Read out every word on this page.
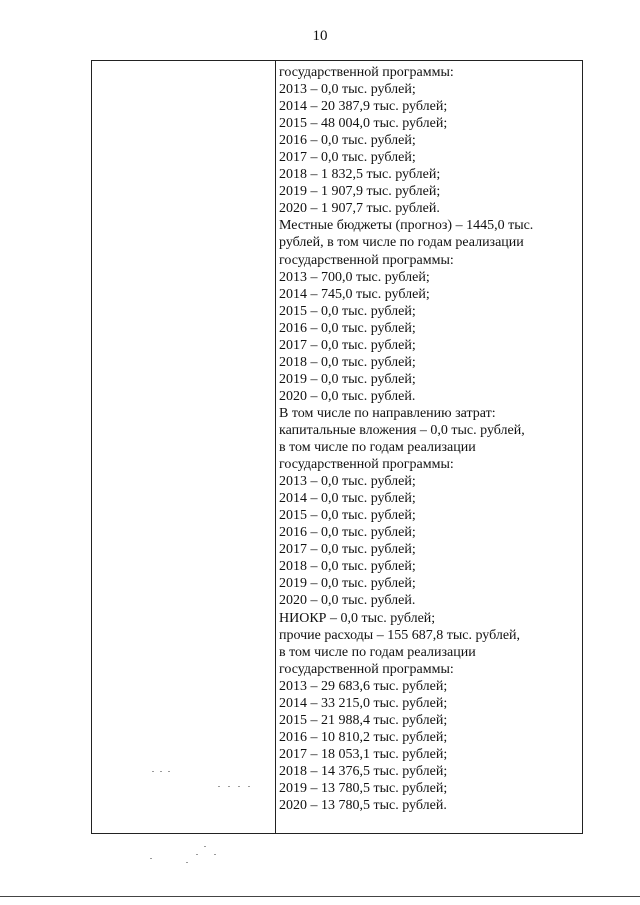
10
государственной программы:
2013 – 0,0 тыс. рублей;
2014 – 20 387,9 тыс. рублей;
2015 – 48 004,0 тыс. рублей;
2016 – 0,0 тыс. рублей;
2017 – 0,0 тыс. рублей;
2018 – 1 832,5 тыс. рублей;
2019 – 1 907,9 тыс. рублей;
2020 – 1 907,7 тыс. рублей.
Местные бюджеты (прогноз) – 1445,0 тыс.
рублей, в том числе по годам реализации
государственной программы:
2013 – 700,0 тыс. рублей;
2014 – 745,0 тыс. рублей;
2015 – 0,0 тыс. рублей;
2016 – 0,0 тыс. рублей;
2017 – 0,0 тыс. рублей;
2018 – 0,0 тыс. рублей;
2019 – 0,0 тыс. рублей;
2020 – 0,0 тыс. рублей.
В том числе по направлению затрат:
капитальные вложения – 0,0 тыс. рублей,
в том числе по годам реализации
государственной программы:
2013 – 0,0 тыс. рублей;
2014 – 0,0 тыс. рублей;
2015 – 0,0 тыс. рублей;
2016 – 0,0 тыс. рублей;
2017 – 0,0 тыс. рублей;
2018 – 0,0 тыс. рублей;
2019 – 0,0 тыс. рублей;
2020 – 0,0 тыс. рублей.
НИОКР – 0,0 тыс. рублей;
прочие расходы – 155 687,8 тыс. рублей,
в том числе по годам реализации
государственной программы:
2013 – 29 683,6 тыс. рублей;
2014 – 33 215,0 тыс. рублей;
2015 – 21 988,4 тыс. рублей;
2016 – 10 810,2 тыс. рублей;
2017 – 18 053,1 тыс. рублей;
2018 – 14 376,5 тыс. рублей;
2019 – 13 780,5 тыс. рублей;
2020 – 13 780,5 тыс. рублей.
